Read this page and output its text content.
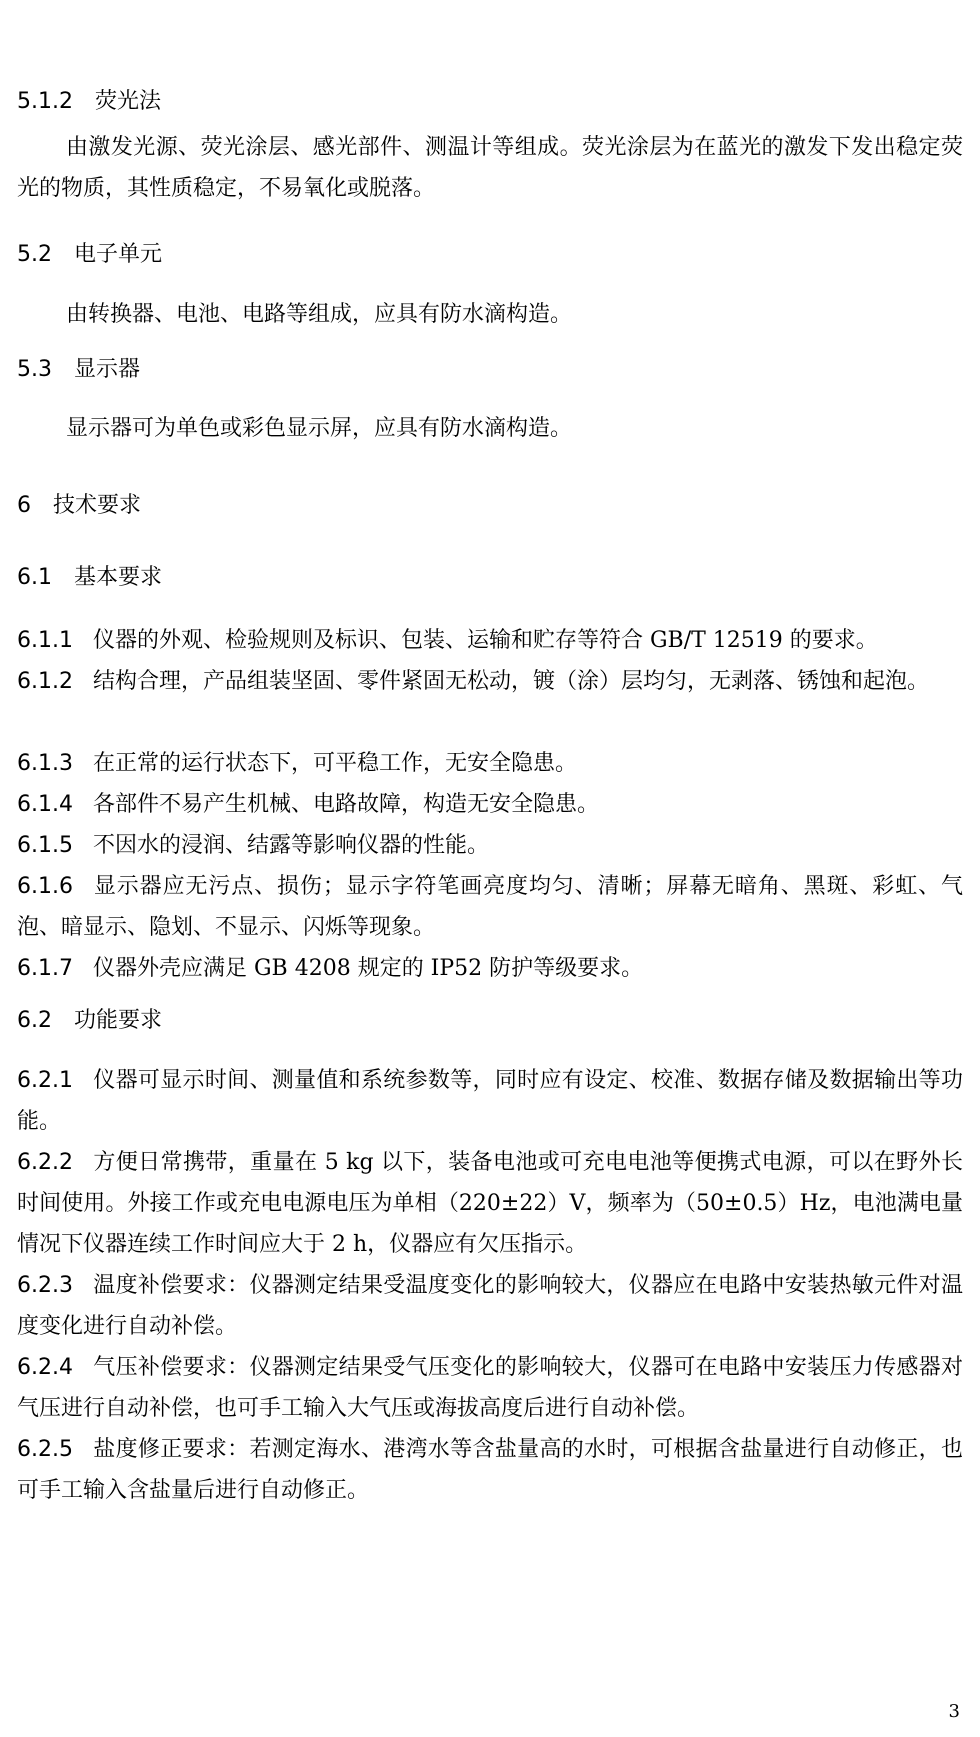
5.1.2 荧光法
由激发光源、荧光涂层、感光部件、测温计等组成。荧光涂层为在蓝光的激发下发出稳定荧光的物质，其性质稳定，不易氧化或脱落。
5.2 电子单元
由转换器、电池、电路等组成，应具有防水滴构造。
5.3 显示器
显示器可为单色或彩色显示屏，应具有防水滴构造。
6 技术要求
6.1 基本要求
6.1.1 仪器的外观、检验规则及标识、包装、运输和贮存等符合 GB/T 12519 的要求。
6.1.2 结构合理，产品组装坚固、零件紧固无松动，镀（涂）层均匀，无剥落、锈蚀和起泡。
6.1.3 在正常的运行状态下，可平稳工作，无安全隐患。
6.1.4 各部件不易产生机械、电路故障，构造无安全隐患。
6.1.5 不因水的浸润、结露等影响仪器的性能。
6.1.6 显示器应无污点、损伤；显示字符笔画亮度均匀、清晰；屏幕无暗角、黑斑、彩虹、气泡、暗显示、隐划、不显示、闪烁等现象。
6.1.7 仪器外壳应满足 GB 4208 规定的 IP52 防护等级要求。
6.2 功能要求
6.2.1 仪器可显示时间、测量值和系统参数等，同时应有设定、校准、数据存储及数据输出等功能。
6.2.2 方便日常携带，重量在 5 kg 以下，装备电池或可充电电池等便携式电源，可以在野外长时间使用。外接工作或充电电源电压为单相（220±22）V，频率为（50±0.5）Hz，电池满电量情况下仪器连续工作时间应大于 2 h，仪器应有欠压指示。
6.2.3 温度补偿要求：仪器测定结果受温度变化的影响较大，仪器应在电路中安装热敏元件对温度变化进行自动补偿。
6.2.4 气压补偿要求：仪器测定结果受气压变化的影响较大，仪器可在电路中安装压力传感器对气压进行自动补偿，也可手工输入大气压或海拔高度后进行自动补偿。
6.2.5 盐度修正要求：若测定海水、港湾水等含盐量高的水时，可根据含盐量进行自动修正，也可手工输入含盐量后进行自动修正。
3
